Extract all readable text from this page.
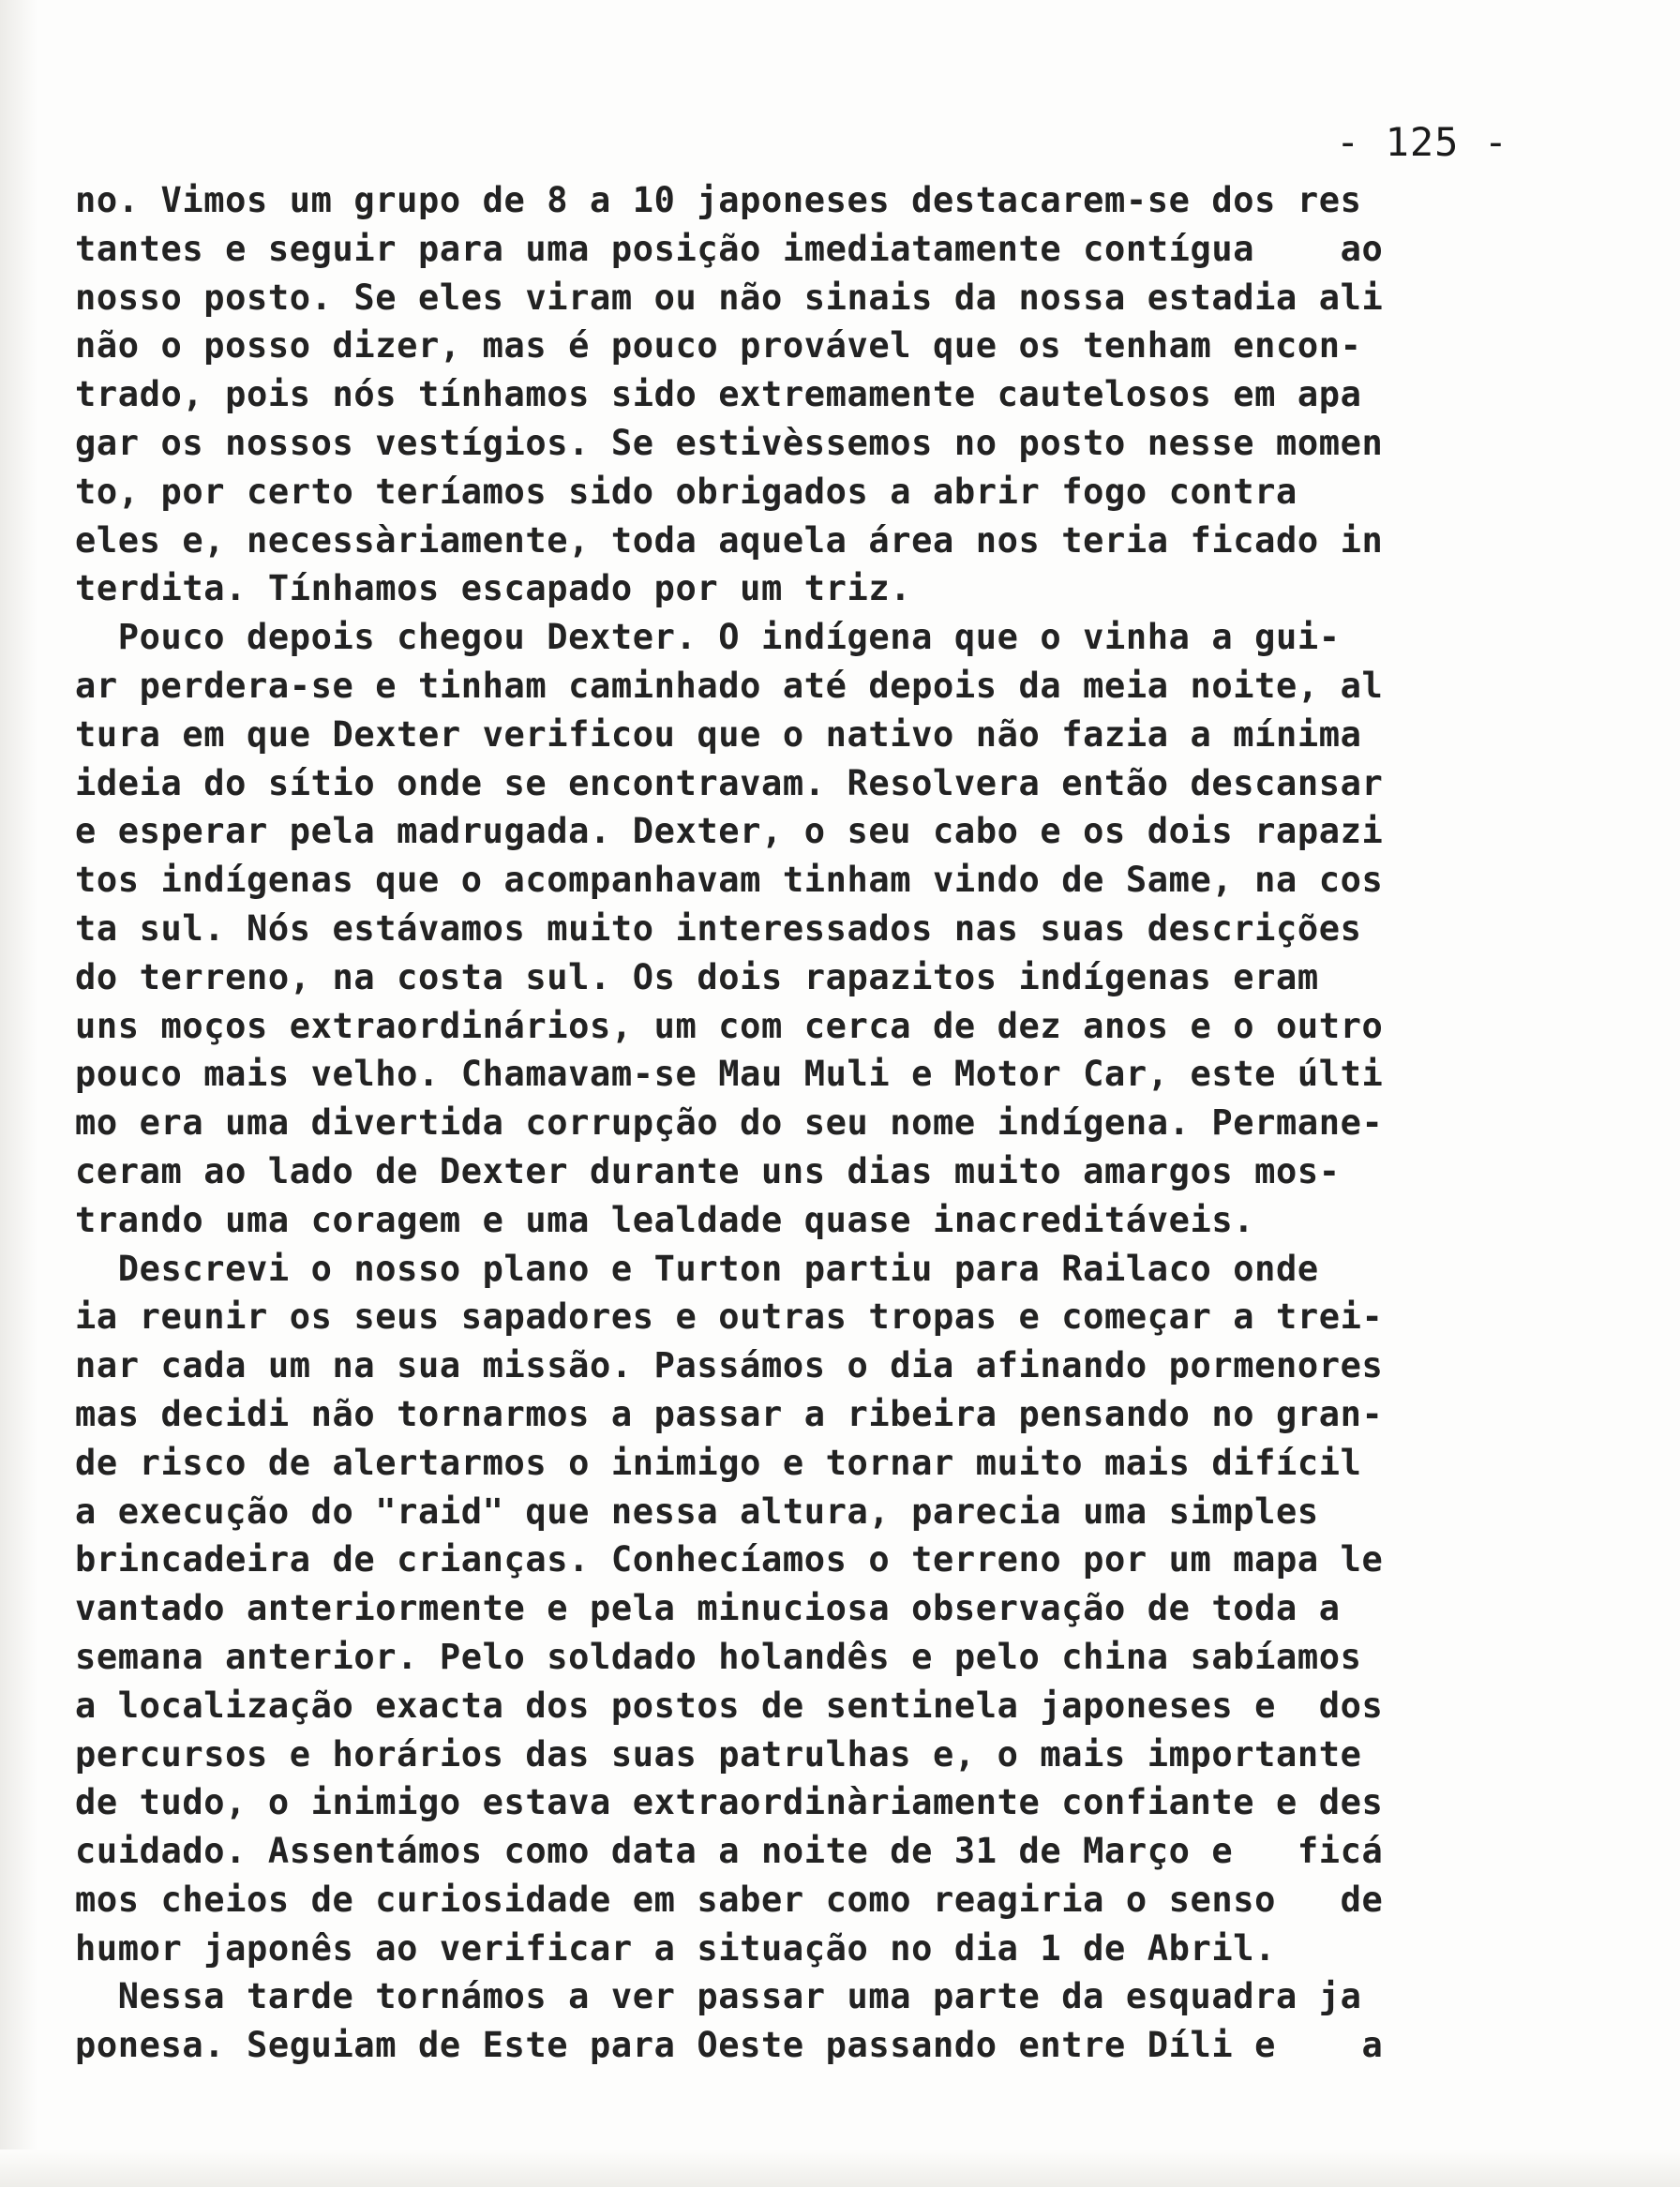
- 125 -
no. Vimos um grupo de 8 a 10 japoneses destacarem-se dos res
tantes e seguir para uma posição imediatamente contígua    ao
nosso posto. Se eles viram ou não sinais da nossa estadia ali
não o posso dizer, mas é pouco provável que os tenham encon-
trado, pois nós tínhamos sido extremamente cautelosos em apa
gar os nossos vestígios. Se estivèssemos no posto nesse momen
to, por certo teríamos sido obrigados a abrir fogo contra
eles e, necessàriamente, toda aquela área nos teria ficado in
terdita. Tínhamos escapado por um triz.
Pouco depois chegou Dexter. O indígena que o vinha a gui-
ar perdera-se e tinham caminhado até depois da meia noite, al
tura em que Dexter verificou que o nativo não fazia a mínima
ideia do sítio onde se encontravam. Resolvera então descansar
e esperar pela madrugada. Dexter, o seu cabo e os dois rapazi
tos indígenas que o acompanhavam tinham vindo de Same, na cos
ta sul. Nós estávamos muito interessados nas suas descrições
do terreno, na costa sul. Os dois rapazitos indígenas eram
uns moços extraordinários, um com cerca de dez anos e o outro
pouco mais velho. Chamavam-se Mau Muli e Motor Car, este últi
mo era uma divertida corrupção do seu nome indígena. Permane-
ceram ao lado de Dexter durante uns dias muito amargos mos-
trando uma coragem e uma lealdade quase inacreditáveis.
Descrevi o nosso plano e Turton partiu para Railaco onde
ia reunir os seus sapadores e outras tropas e começar a trei-
nar cada um na sua missão. Passámos o dia afinando pormenores
mas decidi não tornarmos a passar a ribeira pensando no gran-
de risco de alertarmos o inimigo e tornar muito mais difícil
a execução do "raid" que nessa altura, parecia uma simples
brincadeira de crianças. Conhecíamos o terreno por um mapa le
vantado anteriormente e pela minuciosa observação de toda a
semana anterior. Pelo soldado holandês e pelo china sabíamos
a localização exacta dos postos de sentinela japoneses e  dos
percursos e horários das suas patrulhas e, o mais importante
de tudo, o inimigo estava extraordinàriamente confiante e des
cuidado. Assentámos como data a noite de 31 de Março e   ficá
mos cheios de curiosidade em saber como reagiria o senso   de
humor japonês ao verificar a situação no dia 1 de Abril.
Nessa tarde tornámos a ver passar uma parte da esquadra ja
ponesa. Seguiam de Este para Oeste passando entre Díli e    a
